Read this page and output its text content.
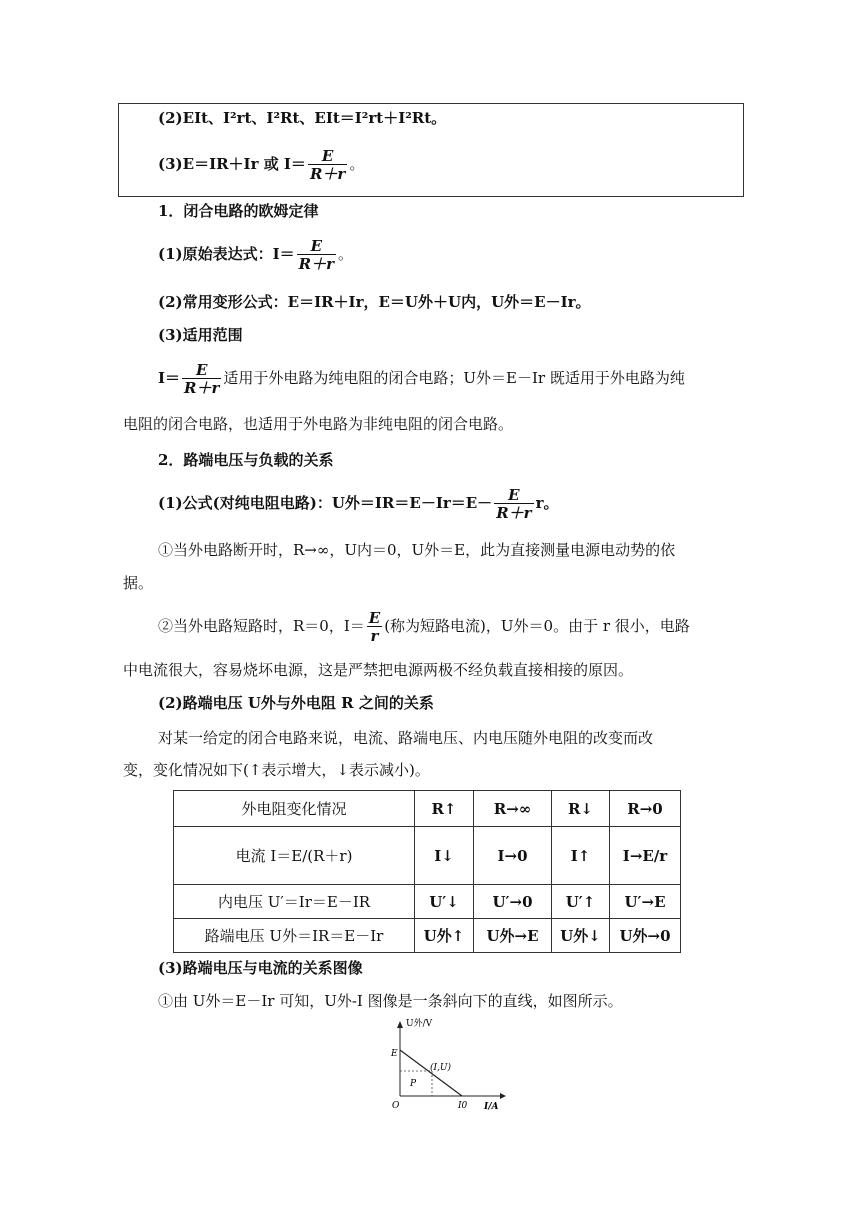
(2)EIt、I²rt、I²Rt、EIt＝I²rt＋I²Rt。
(3)E＝IR＋Ir 或 $I= \frac{E}{R+r}$ 。
1．闭合电路的欧姆定律
(1)原始表达式：$I= \frac{E}{R+r}$ 。
(2)常用变形公式：E＝IR＋Ir，E＝U外＋U内，U外＝E－Ir。
(3)适用范围
$I= \frac{E}{R+r}$ 适用于外电路为纯电阻的闭合电路；U外＝E－Ir 既适用于外电路为纯
电阻的闭合电路，也适用于外电路为非纯电阻的闭合电路。
2．路端电压与负载的关系
(1)公式(对纯电阻电路)：U外$=IR=E-Ir=E- \frac{E}{R+r}$ r。
①当外电路断开时，R→∞，U内＝0，U外＝E，此为直接测量电源电动势的依
据。
②当外电路短路时，R＝0，$I= \frac{E}{r}$ (称为短路电流)，U外＝0。由于 r 很小，电路
中电流很大，容易烧坏电源，这是严禁把电源两极不经负载直接相接的原因。
(2)路端电压 U外与外电阻 R 之间的关系
对某一给定的闭合电路来说，电流、路端电压、内电压随外电阻的改变而改
变，变化情况如下(↑表示增大，↓表示减小)。
外电阻变化情况	R↑	R→∞	R↓	R→0
电流 I＝E/(R＋r)	I↓	I→0	I↑	I→E/r
内电压 U′＝Ir＝E－IR	U′↓	U′→0	U′↑	U′→E
路端电压 U外＝IR＝E－Ir	U外↑	U外→E	U外↓	U外→0
(3)路端电压与电流的关系图像
①由 U外＝E－Ir 可知，U外-I 图像是一条斜向下的直线，如图所示。
U外/V
I/A
O
E
(I,U)
P
I0
